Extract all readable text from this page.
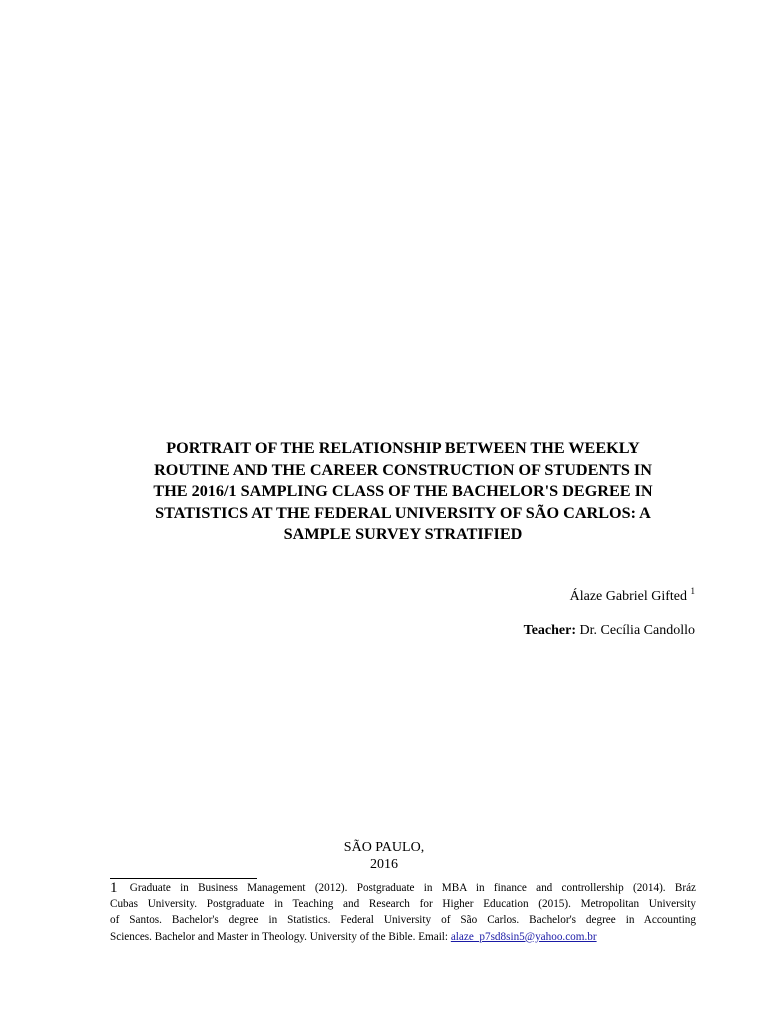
PORTRAIT OF THE RELATIONSHIP BETWEEN THE WEEKLY
ROUTINE AND THE CAREER CONSTRUCTION OF STUDENTS IN
THE 2016/1 SAMPLING CLASS OF THE BACHELOR'S DEGREE IN
STATISTICS AT THE FEDERAL UNIVERSITY OF SÃO CARLOS: A
SAMPLE SURVEY STRATIFIED
Álaze Gabriel Gifted $^1$
Teacher: Dr. Cecília Candollo
SÃO PAULO,
2016
1 Graduate in Business Management (2012). Postgraduate in MBA in finance and controllership (2014). Bráz
Cubas University. Postgraduate in Teaching and Research for Higher Education (2015). Metropolitan University
of Santos. Bachelor's degree in Statistics. Federal University of São Carlos. Bachelor's degree in Accounting
Sciences. Bachelor and Master in Theology. University of the Bible. Email: alaze_p7sd8sin5@yahoo.com.br
